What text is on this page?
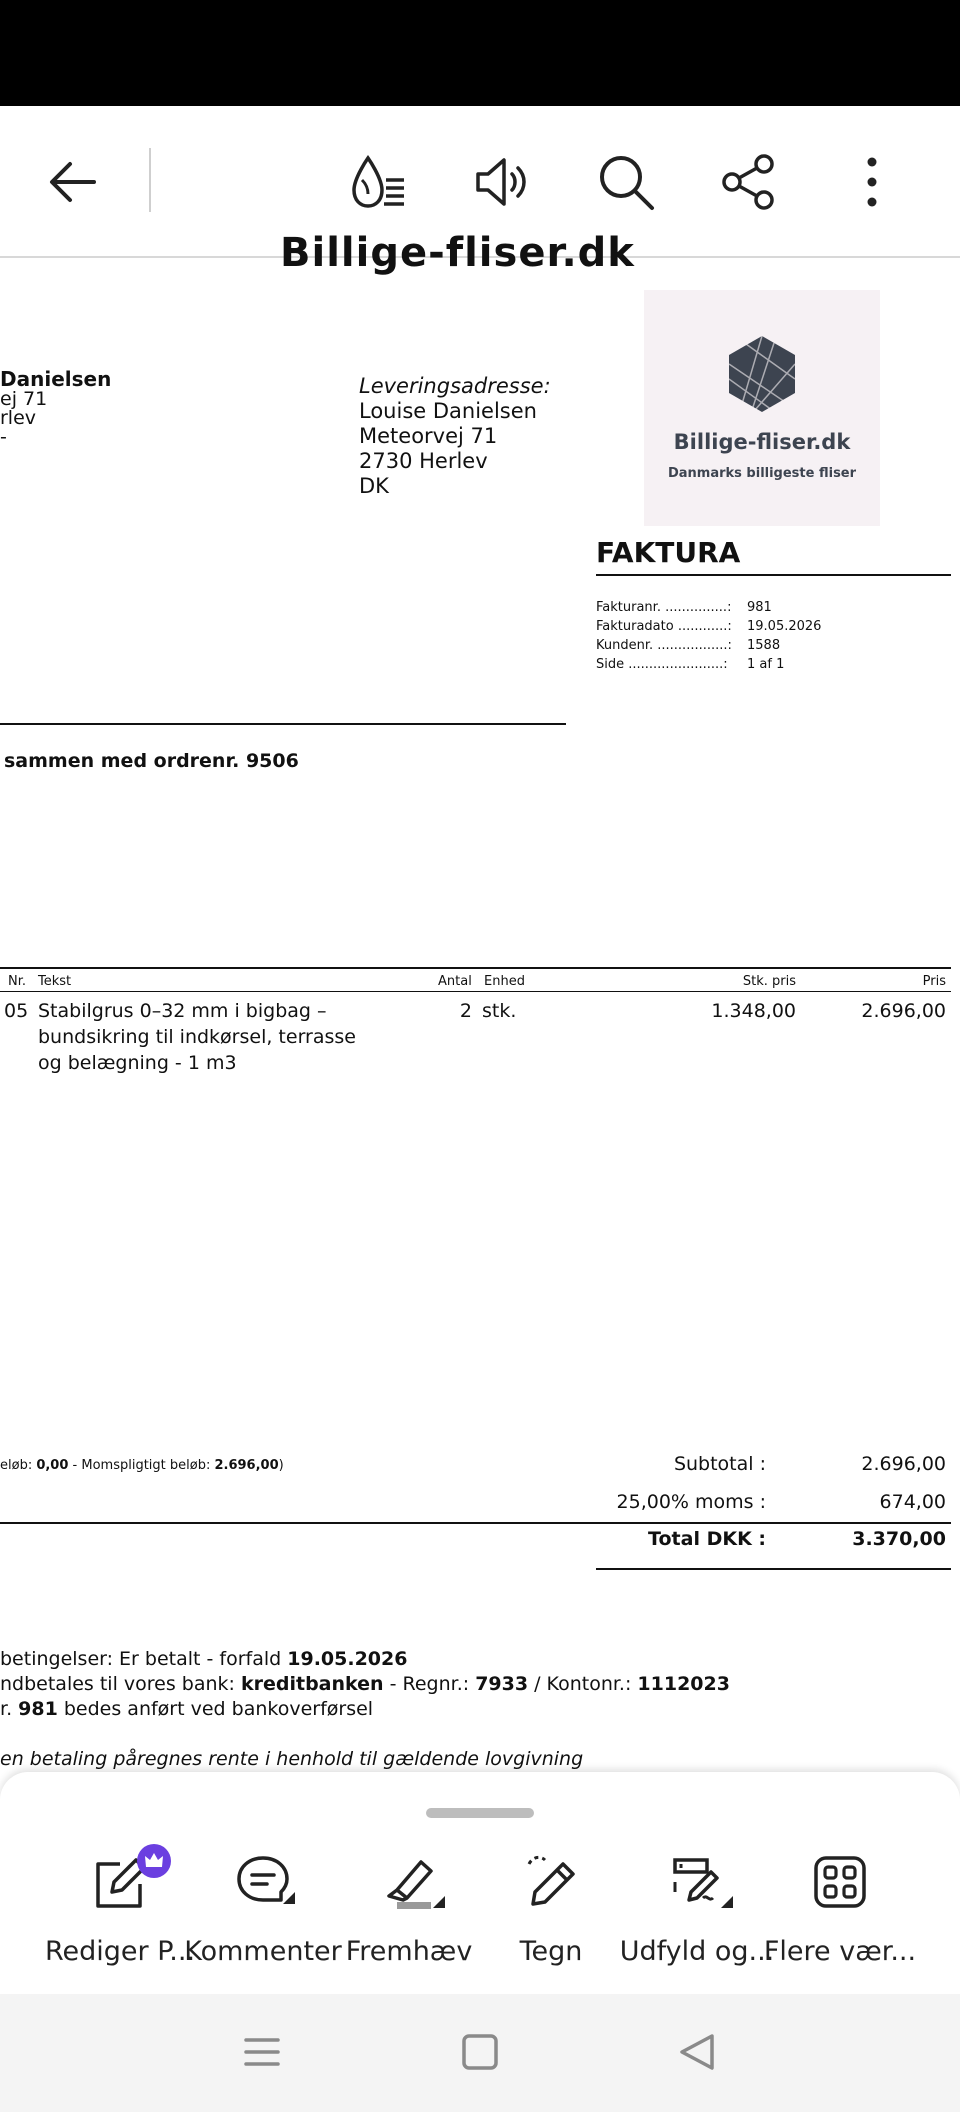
Billige-fliser.dk
Danielsen
ej 71
rlev
-
Leveringsadresse:
Louise Danielsen
Meteorvej 71
2730 Herlev
DK
Billige-fliser.dk
Danmarks billigeste fliser
FAKTURA
Fakturanr. ...............: 981
Fakturadato ............: 19.05.2026
Kundenr. .................: 1588
Side .......................: 1 af 1
sammen med ordrenr. 9506
Nr. Tekst	Antal Enhed	Stk. pris	Pris
05 Stabilgrus 0–32 mm i bigbag –
bundsikring til indkørsel, terrasse
og belægning - 1 m3
2 stk.	1.348,00	2.696,00
eløb: 0,00 - Momspligtigt beløb: 2.696,00)	Subtotal :	2.696,00
25,00% moms :	674,00
Total DKK :	3.370,00
betingelser: Er betalt - forfald 19.05.2026
ndbetales til vores bank: kreditbanken - Regnr.: 7933 / Kontonr.: 1112023
r. 981 bedes anført ved bankoverførsel
en betaling påregnes rente i henhold til gældende lovgivning
Rediger P...
Kommenter Fremhæv	Tegn	Udfyld og...
Flere vær...
